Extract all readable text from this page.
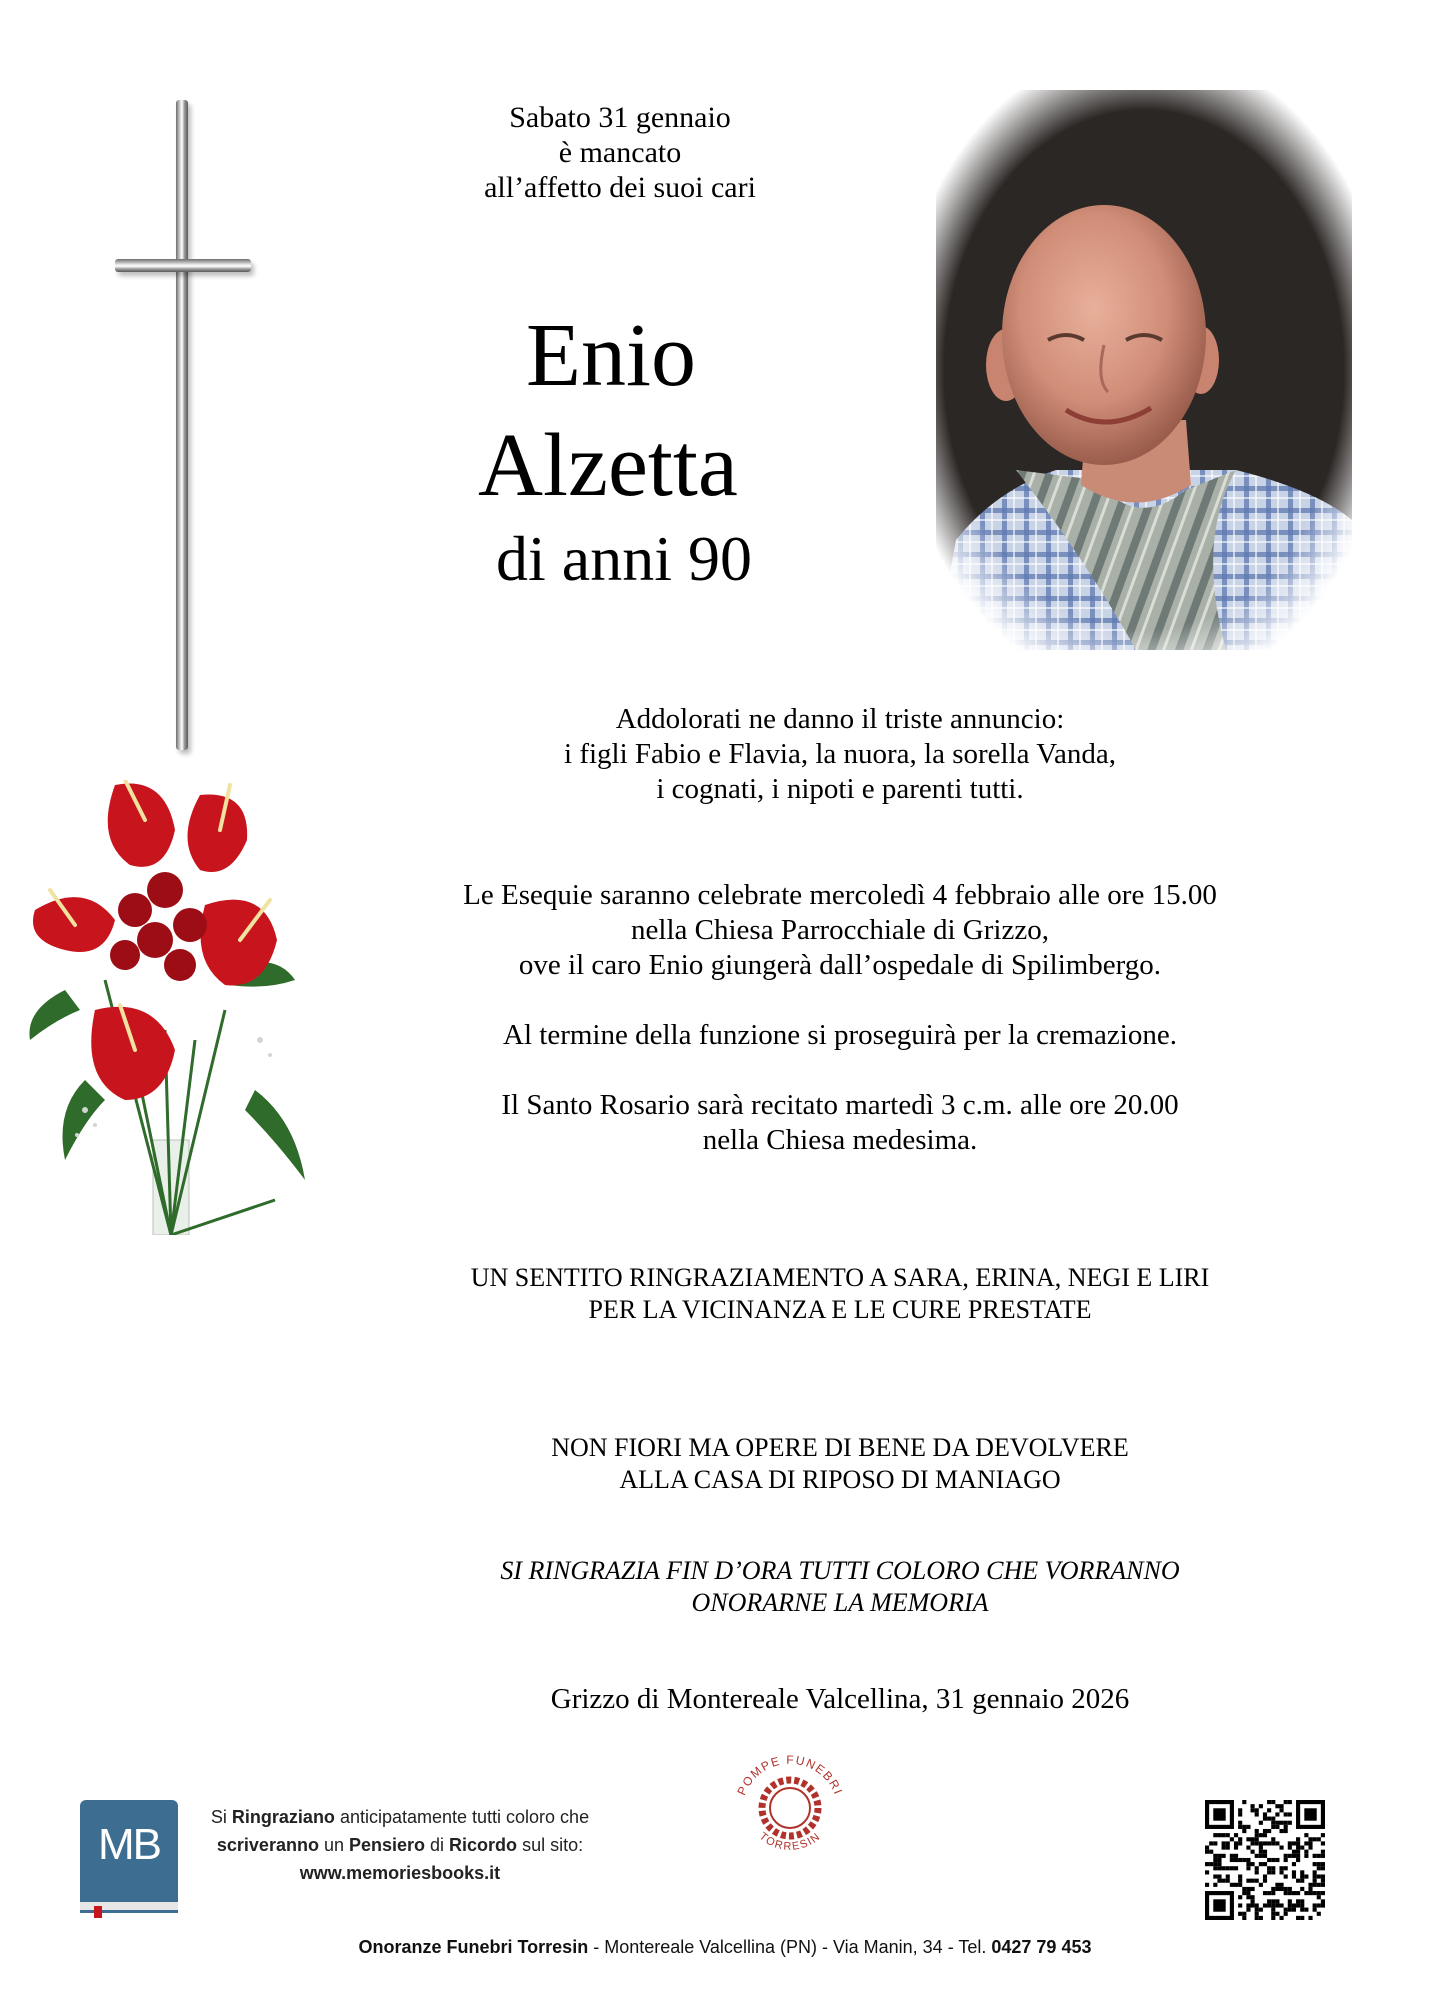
Sabato 31 gennaio
è mancato
all’affetto dei suoi cari
Enio
Alzetta
di anni 90
Addolorati ne danno il triste annuncio:
i figli Fabio e Flavia, la nuora, la sorella Vanda,
i cognati, i nipoti e parenti tutti.
Le Esequie saranno celebrate mercoledì 4 febbraio alle ore 15.00
nella Chiesa Parrocchiale di Grizzo,
ove il caro Enio giungerà dall’ospedale di Spilimbergo.
Al termine della funzione si proseguirà per la cremazione.
Il Santo Rosario sarà recitato martedì 3 c.m. alle ore 20.00
nella Chiesa medesima.
UN SENTITO RINGRAZIAMENTO A SARA, ERINA, NEGI E LIRI
PER LA VICINANZA E LE CURE PRESTATE
NON FIORI MA OPERE DI BENE DA DEVOLVERE
ALLA CASA DI RIPOSO DI MANIAGO
SI RINGRAZIA FIN D’ORA TUTTI COLORO CHE VORRANNO
ONORARNE LA MEMORIA
Grizzo di Montereale Valcellina, 31 gennaio 2026
MB
Si Ringraziano anticipatamente tutti coloro che
scriveranno un Pensiero di Ricordo sul sito:
www.memoriesbooks.it
POMPE FUNEBRI
TORRESIN
Onoranze Funebri Torresin - Montereale Valcellina (PN) - Via Manin, 34 - Tel. 0427 79 453
